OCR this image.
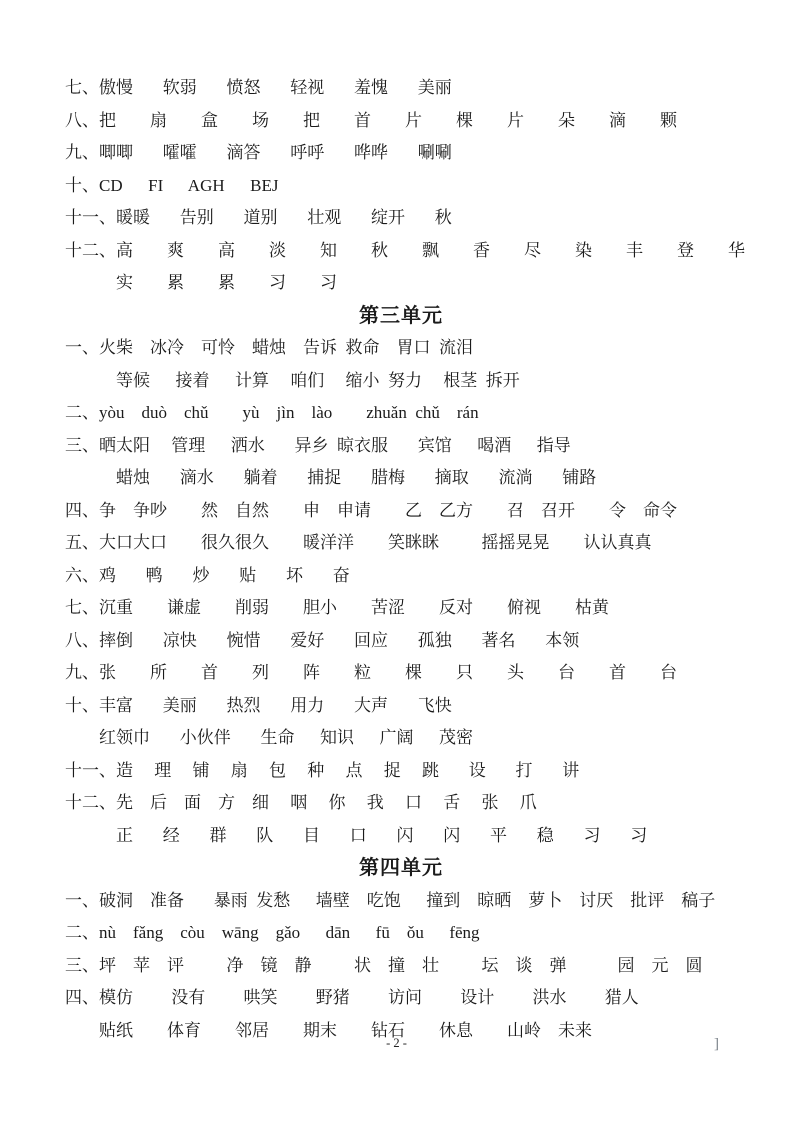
七、傲慢       软弱       愤怒       轻视       羞愧       美丽
八、把        扇        盒        场        把        首        片        棵        片        朵        滴        颗
九、唧唧       嚯嚯       滴答       呼呼       哗哗       唰唰
十、CD      FI      AGH      BEJ
十一、暖暖       告别       道别       壮观       绽开       秋
十二、高        爽        高        淡        知        秋        飘        香        尽        染        丰        登        华
实        累        累        习        习
第三单元
一、火柴    冰冷    可怜    蜡烛    告诉  救命    胃口  流泪
等候      接着      计算     咱们     缩小  努力     根茎  拆开
二、yòu    duò    chǔ        yù    jìn    lào        zhuǎn  chǔ    rán
三、晒太阳     管理      洒水       异乡  晾衣服       宾馆      喝酒      指导
蜡烛       滴水       躺着       捕捉       腊梅       摘取       流淌       铺路
四、争    争吵        然    自然        申    申请        乙    乙方        召    召开        令    命令
五、大口大口        很久很久        暖洋洋        笑眯眯          摇摇晃晃        认认真真
六、鸡       鸭       炒       贴       坏       奋
七、沉重        谦虚        削弱        胆小        苦涩        反对        俯视        枯黄
八、摔倒       凉快       惋惜       爱好       回应       孤独       著名       本领
九、张        所        首        列        阵        粒        棵        只        头        台        首        台
十、丰富       美丽       热烈       用力       大声       飞快
红领巾       小伙伴       生命      知识      广阔      茂密
十一、造     理     铺     扇     包     种     点     捉     跳       设       打       讲
十二、先    后    面    方    细     咽     你     我     口     舌     张     爪
正       经       群       队       目       口       闪       闪       平       稳       习       习
第四单元
一、破洞    准备       暴雨  发愁      墙壁    吃饱      撞到    晾晒    萝卜    讨厌    批评    稿子
二、nù    fǎng    còu    wāng    gǎo      dān      fū    ǒu      fēng
三、坪    苹    评          净    镜    静          状    撞    壮          坛    谈    弹            园    元    圆
四、模仿         没有         哄笑         野猪         访问         设计         洪水         猎人
贴纸        体育        邻居        期末        钻石        休息        山岭    未来
- 2 -	]
